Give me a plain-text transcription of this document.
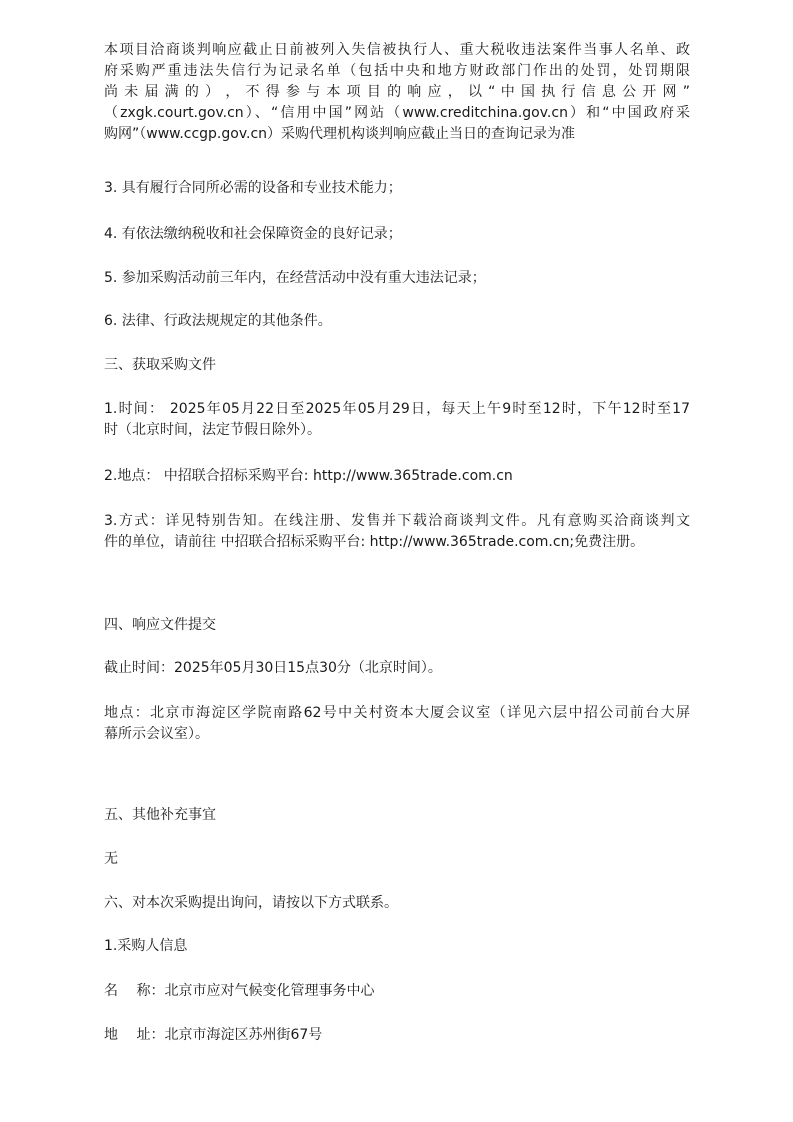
本项目洽商谈判响应截止日前被列入失信被执行人、重大税收违法案件当事人名单、政
府采购严重违法失信行为记录名单（包括中央和地方财政部门作出的处罚，处罚期限
尚 未 届 满 的 ） ， 不 得 参 与 本 项 目 的 响 应 ， 以 “ 中 国 执 行 信 息 公 开 网 ”
（zxgk.court.gov.cn）、“信用中国”网站（www.creditchina.gov.cn）和“中国政府采
购网”（www.ccgp.gov.cn）采购代理机构谈判响应截止当日的查询记录为准
3. 具有履行合同所必需的设备和专业技术能力；
4. 有依法缴纳税收和社会保障资金的良好记录；
5. 参加采购活动前三年内，在经营活动中没有重大违法记录；
6. 法律、行政法规规定的其他条件。
三、获取采购文件
1.时间： 2025年05月22日至2025年05月29日，每天上午9时至12时，下午12时至17
时（北京时间，法定节假日除外）。
2.地点： 中招联合招标采购平台: http://www.365trade.com.cn
3.方式：详见特别告知。在线注册、发售并下载洽商谈判文件。凡有意购买洽商谈判文
件的单位，请前往 中招联合招标采购平台: http://www.365trade.com.cn;免费注册。
四、响应文件提交
截止时间：2025年05月30日15点30分（北京时间）。
地点：北京市海淀区学院南路62号中关村资本大厦会议室（详见六层中招公司前台大屏
幕所示会议室）。
五、其他补充事宜
无
六、对本次采购提出询问，请按以下方式联系。
1.采购人信息
名　 称：北京市应对气候变化管理事务中心
地　 址：北京市海淀区苏州街67号
